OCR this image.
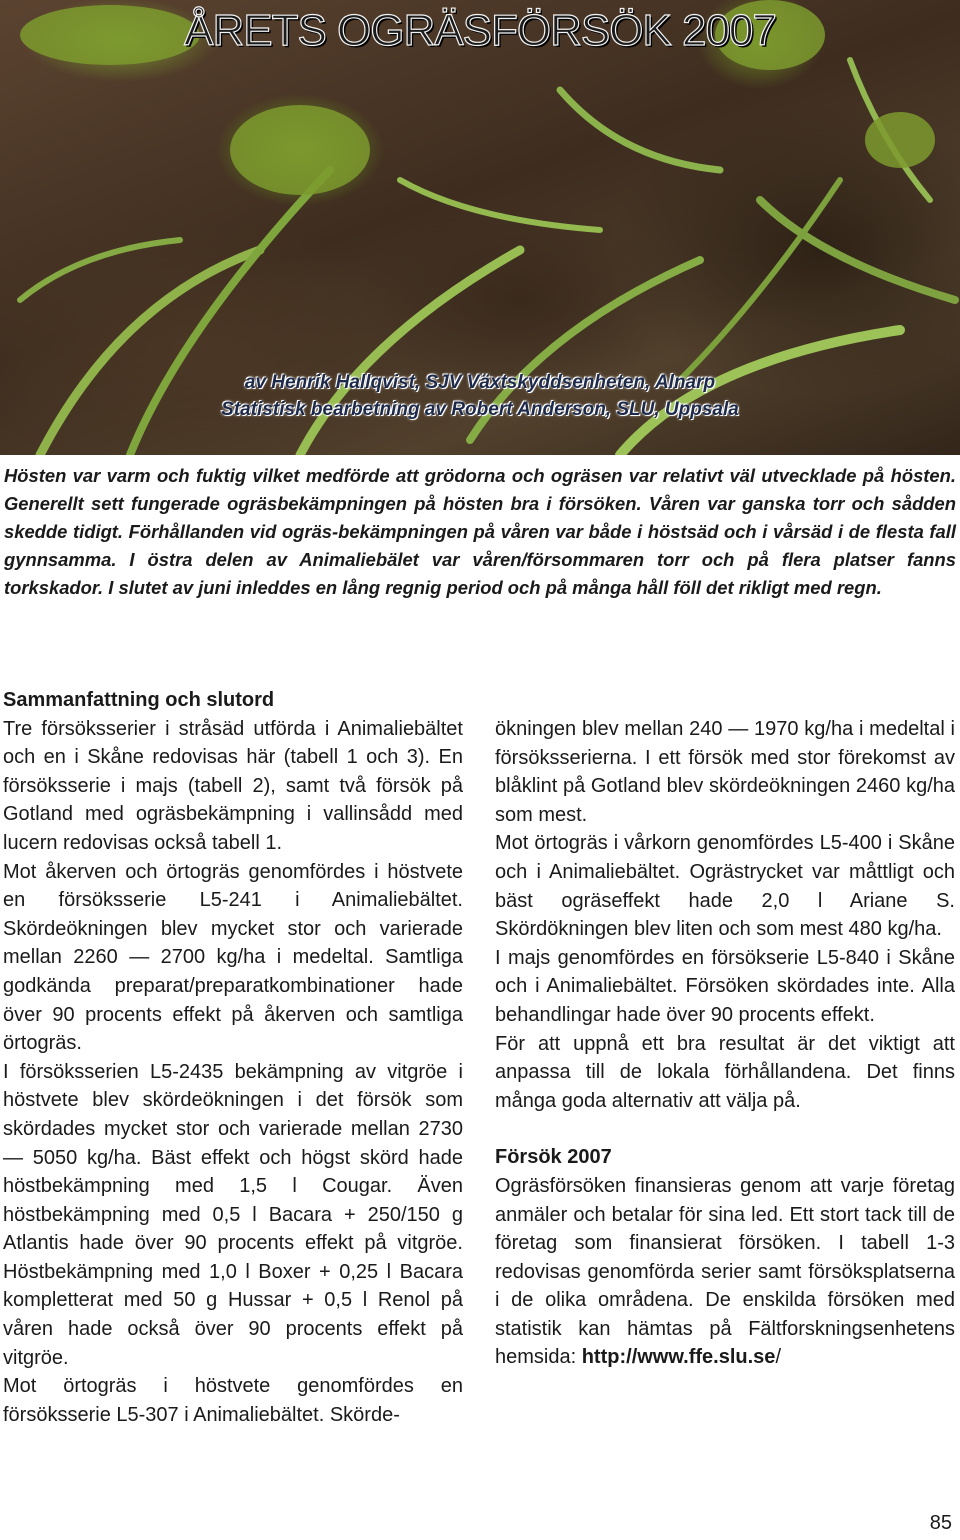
ÅRETS OGRÄSFÖRSÖK 2007
av Henrik Hallqvist, SJV Växtskyddsenheten, Alnarp
Statistisk bearbetning av Robert Anderson, SLU, Uppsala
Hösten var varm och fuktig vilket medförde att grödorna och ogräsen var relativt väl utvecklade på hösten. Generellt sett fungerade ogräsbekämpningen på hösten bra i försöken. Våren var ganska torr och sådden skedde tidigt. Förhållanden vid ogräs-bekämpningen på våren var både i höstsäd och i vårsäd i de flesta fall gynnsamma. I östra delen av Animaliebälet var våren/försommaren torr och på flera platser fanns torkskador. I slutet av juni inleddes en lång regnig period och på många håll föll det rikligt med regn.
Sammanfattning och slutord

Tre försöksserier i stråsäd utförda i Animaliebältet och en i Skåne redovisas här (tabell 1 och 3). En försöksserie i majs (tabell 2), samt två försök på Gotland med ogräsbekämpning i vallinsådd med lucern redovisas också tabell 1.

Mot åkerven och örtogräs genomfördes i höstvete en försöksserie L5-241 i Animaliebältet. Skördeökningen blev mycket stor och varierade mellan 2260 — 2700 kg/ha i medeltal. Samtliga godkända preparat/preparatkombinationer hade över 90 procents effekt på åkerven och samtliga örtogräs.

I försöksserien L5-2435 bekämpning av vitgröe i höstvete blev skördeökningen i det försök som skördades mycket stor och varierade mellan 2730 — 5050 kg/ha. Bäst effekt och högst skörd hade höstbekämpning med 1,5 l Cougar. Även höstbekämpning med 0,5 l Bacara + 250/150 g Atlantis hade över 90 procents effekt på vitgröe. Höstbekämpning med 1,0 l Boxer + 0,25 l Bacara kompletterat med 50 g Hussar + 0,5 l Renol på våren hade också över 90 procents effekt på vitgröe.

Mot örtogräs i höstvete genomfördes en försöksserie L5-307 i Animaliebältet. Skörde-

ökningen blev mellan 240 — 1970 kg/ha i medeltal i försöksserierna. I ett försök med stor förekomst av blåklint på Gotland blev skördeökningen 2460 kg/ha som mest.

Mot örtogräs i vårkorn genomfördes L5-400 i Skåne och i Animaliebältet. Ogrästrycket var måttligt och bäst ogräseffekt hade 2,0 l Ariane S. Skördökningen blev liten och som mest 480 kg/ha.

I majs genomfördes en försökserie L5-840 i Skåne och i Animaliebältet. Försöken skördades inte. Alla behandlingar hade över 90 procents effekt.

För att uppnå ett bra resultat är det viktigt att anpassa till de lokala förhållandena. Det finns många goda alternativ att välja på.

Försök 2007

Ogräsförsöken finansieras genom att varje företag anmäler och betalar för sina led. Ett stort tack till de företag som finansierat försöken. I tabell 1-3 redovisas genomförda serier samt försöksplatserna i de olika områdena. De enskilda försöken med statistik kan hämtas på Fältforskningsenhetens hemsida: http://www.ffe.slu.se/

85
